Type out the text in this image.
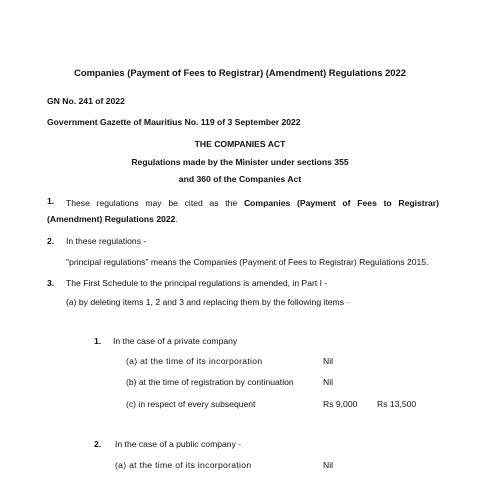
Companies (Payment of Fees to Registrar) (Amendment) Regulations 2022
GN No. 241 of 2022
Government Gazette of Mauritius No. 119 of 3 September 2022
THE COMPANIES ACT
Regulations made by the Minister under sections 355
and 360 of the Companies Act
1.	These regulations may be cited as the Companies (Payment of Fees to Registrar) (Amendment) Regulations 2022.
2. In these regulations -
"principal regulations" means the Companies (Payment of Fees to Registrar) Regulations 2015.
3. The First Schedule to the principal regulations is amended, in Part I -
(a) by deleting items 1, 2 and 3 and replacing them by the following items –
1. In the case of a private company
(a) at the time of its incorporation	Nil
(b) at the time of registration by continuation	Nil
(c) in respect of every subsequent	Rs 9,000 Rs 13,500
2. In the case of a public company -
(a) at the time of its incorporation	Nil
